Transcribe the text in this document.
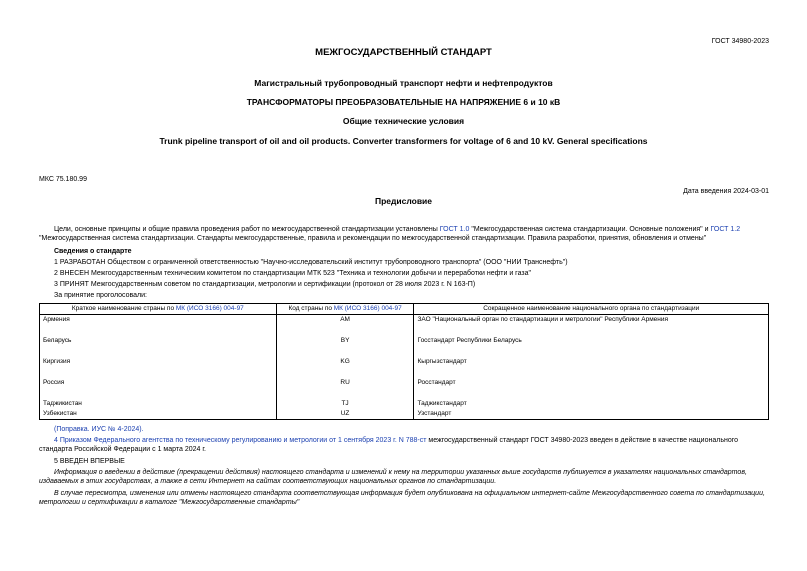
ГОСТ 34980-2023
МЕЖГОСУДАРСТВЕННЫЙ СТАНДАРТ
Магистральный трубопроводный транспорт нефти и нефтепродуктов
ТРАНСФОРМАТОРЫ ПРЕОБРАЗОВАТЕЛЬНЫЕ НА НАПРЯЖЕНИЕ 6 и 10 кВ
Общие технические условия
Trunk pipeline transport of oil and oil products. Converter transformers for voltage of 6 and 10 kV. General specifications
МКС 75.180.99
Дата введения 2024-03-01
Предисловие
Цели, основные принципы и общие правила проведения работ по межгосударственной стандартизации установлены ГОСТ 1.0 "Межгосударственная система стандартизации. Основные положения" и ГОСТ 1.2 "Межгосударственная система стандартизации. Стандарты межгосударственные, правила и рекомендации по межгосударственной стандартизации. Правила разработки, принятия, обновления и отмены"
Сведения о стандарте
1 РАЗРАБОТАН Обществом с ограниченной ответственностью "Научно-исследовательский институт трубопроводного транспорта" (ООО "НИИ Транснефть")
2 ВНЕСЕН Межгосударственным техническим комитетом по стандартизации МТК 523 "Техника и технологии добычи и переработки нефти и газа"
3 ПРИНЯТ Межгосударственным советом по стандартизации, метрологии и сертификации (протокол от 28 июля 2023 г. N 163-П)
За принятие проголосовали:
Краткое наименование страны по МК (ИСО 3166) 004-97	Код страны по МК (ИСО 3166) 004-97	Сокращенное наименование национального органа по стандартизации
Армения	AM	ЗАО "Национальный орган по стандартизации и метрологии" Республики Армения
Беларусь	BY	Госстандарт Республики Беларусь
Киргизия	KG	Кыргызстандарт
Россия	RU	Росстандарт
Таджикистан	TJ	Таджикстандарт
Узбекистан	UZ	Узстандарт
(Поправка. ИУС № 4-2024).
4 Приказом Федерального агентства по техническому регулированию и метрологии от 1 сентября 2023 г. N 788-ст межгосударственный стандарт ГОСТ 34980-2023 введен в действие в качестве национального стандарта Российской Федерации с 1 марта 2024 г.
5 ВВЕДЕН ВПЕРВЫЕ
Информация о введении в действие (прекращении действия) настоящего стандарта и изменений к нему на территории указанных выше государств публикуется в указателях национальных стандартов, издаваемых в этих государствах, а также в сети Интернет на сайтах соответствующих национальных органов по стандартизации.
В случае пересмотра, изменения или отмены настоящего стандарта соответствующая информация будет опубликована на официальном интернет-сайте Межгосударственного совета по стандартизации, метрологии и сертификации в каталоге "Межгосударственные стандарты"
